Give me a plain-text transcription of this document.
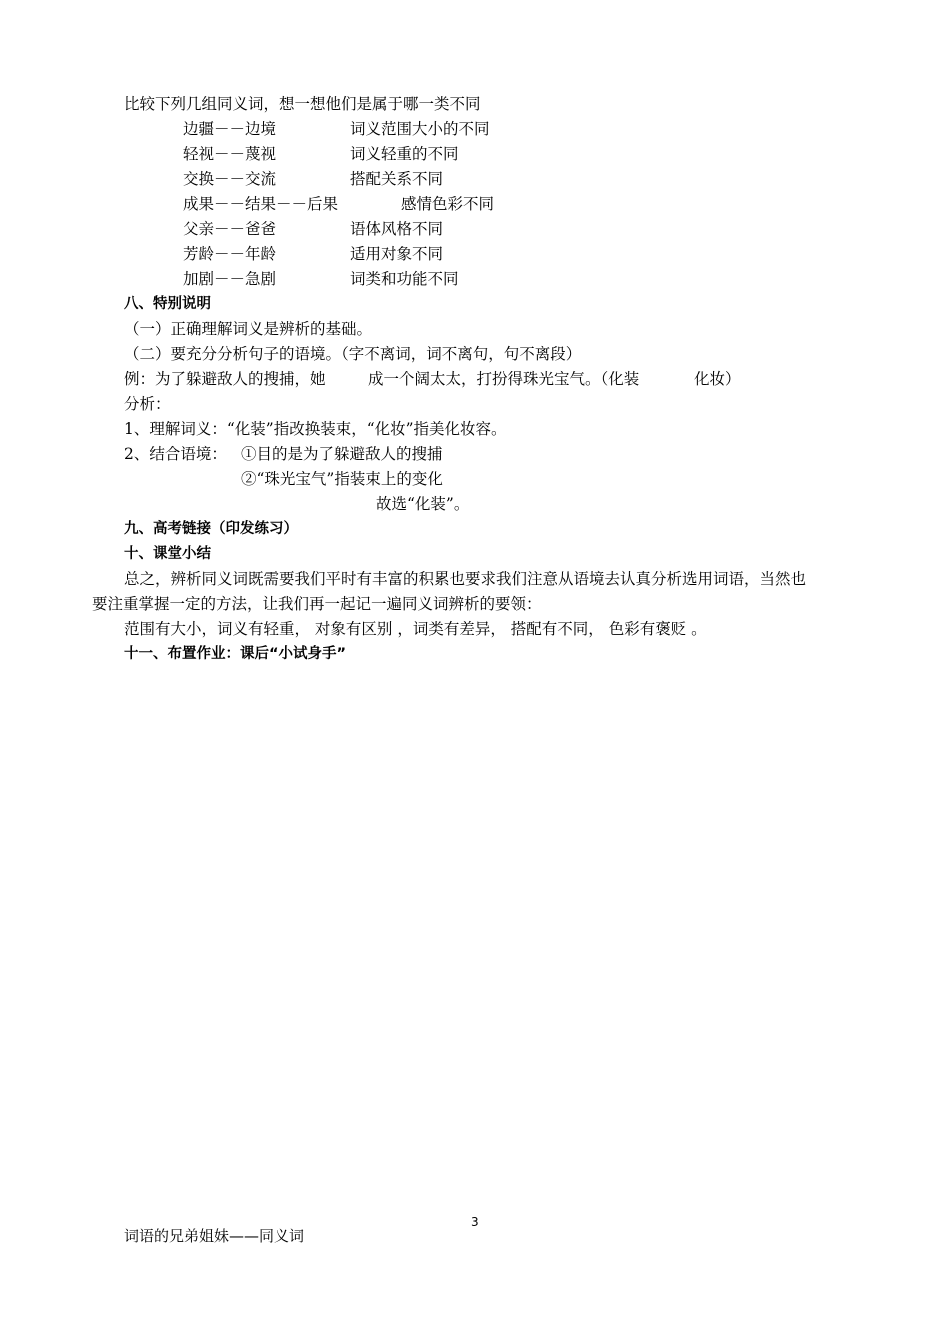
比较下列几组同义词，想一想他们是属于哪一类不同
边疆－－边境	词义范围大小的不同
轻视－－蔑视	词义轻重的不同
交换－－交流	搭配关系不同
成果－－结果－－后果	感情色彩不同
父亲－－爸爸	语体风格不同
芳龄－－年龄	适用对象不同
加剧－－急剧	词类和功能不同
八、特别说明
（一）正确理解词义是辨析的基础。
（二）要充分分析句子的语境。（字不离词，词不离句，句不离段）
例：为了躲避敌人的搜捕，她	成一个阔太太，打扮得珠光宝气。（化装	化妆）
分析：
1、理解词义：“化装”指改换装束，“化妆”指美化妆容。
2、结合语境： ①目的是为了躲避敌人的搜捕
②“珠光宝气”指装束上的变化
故选“化装”。
九、高考链接（印发练习）
十、课堂小结
总之，辨析同义词既需要我们平时有丰富的积累也要求我们注意从语境去认真分析选用词语，当然也
要注重掌握一定的方法，让我们再一起记一遍同义词辨析的要领：
范围有大小，词义有轻重， 对象有区别 ，词类有差异， 搭配有不同， 色彩有褒贬 。
十一、布置作业：课后“小试身手”
3
词语的兄弟姐妹——同义词
